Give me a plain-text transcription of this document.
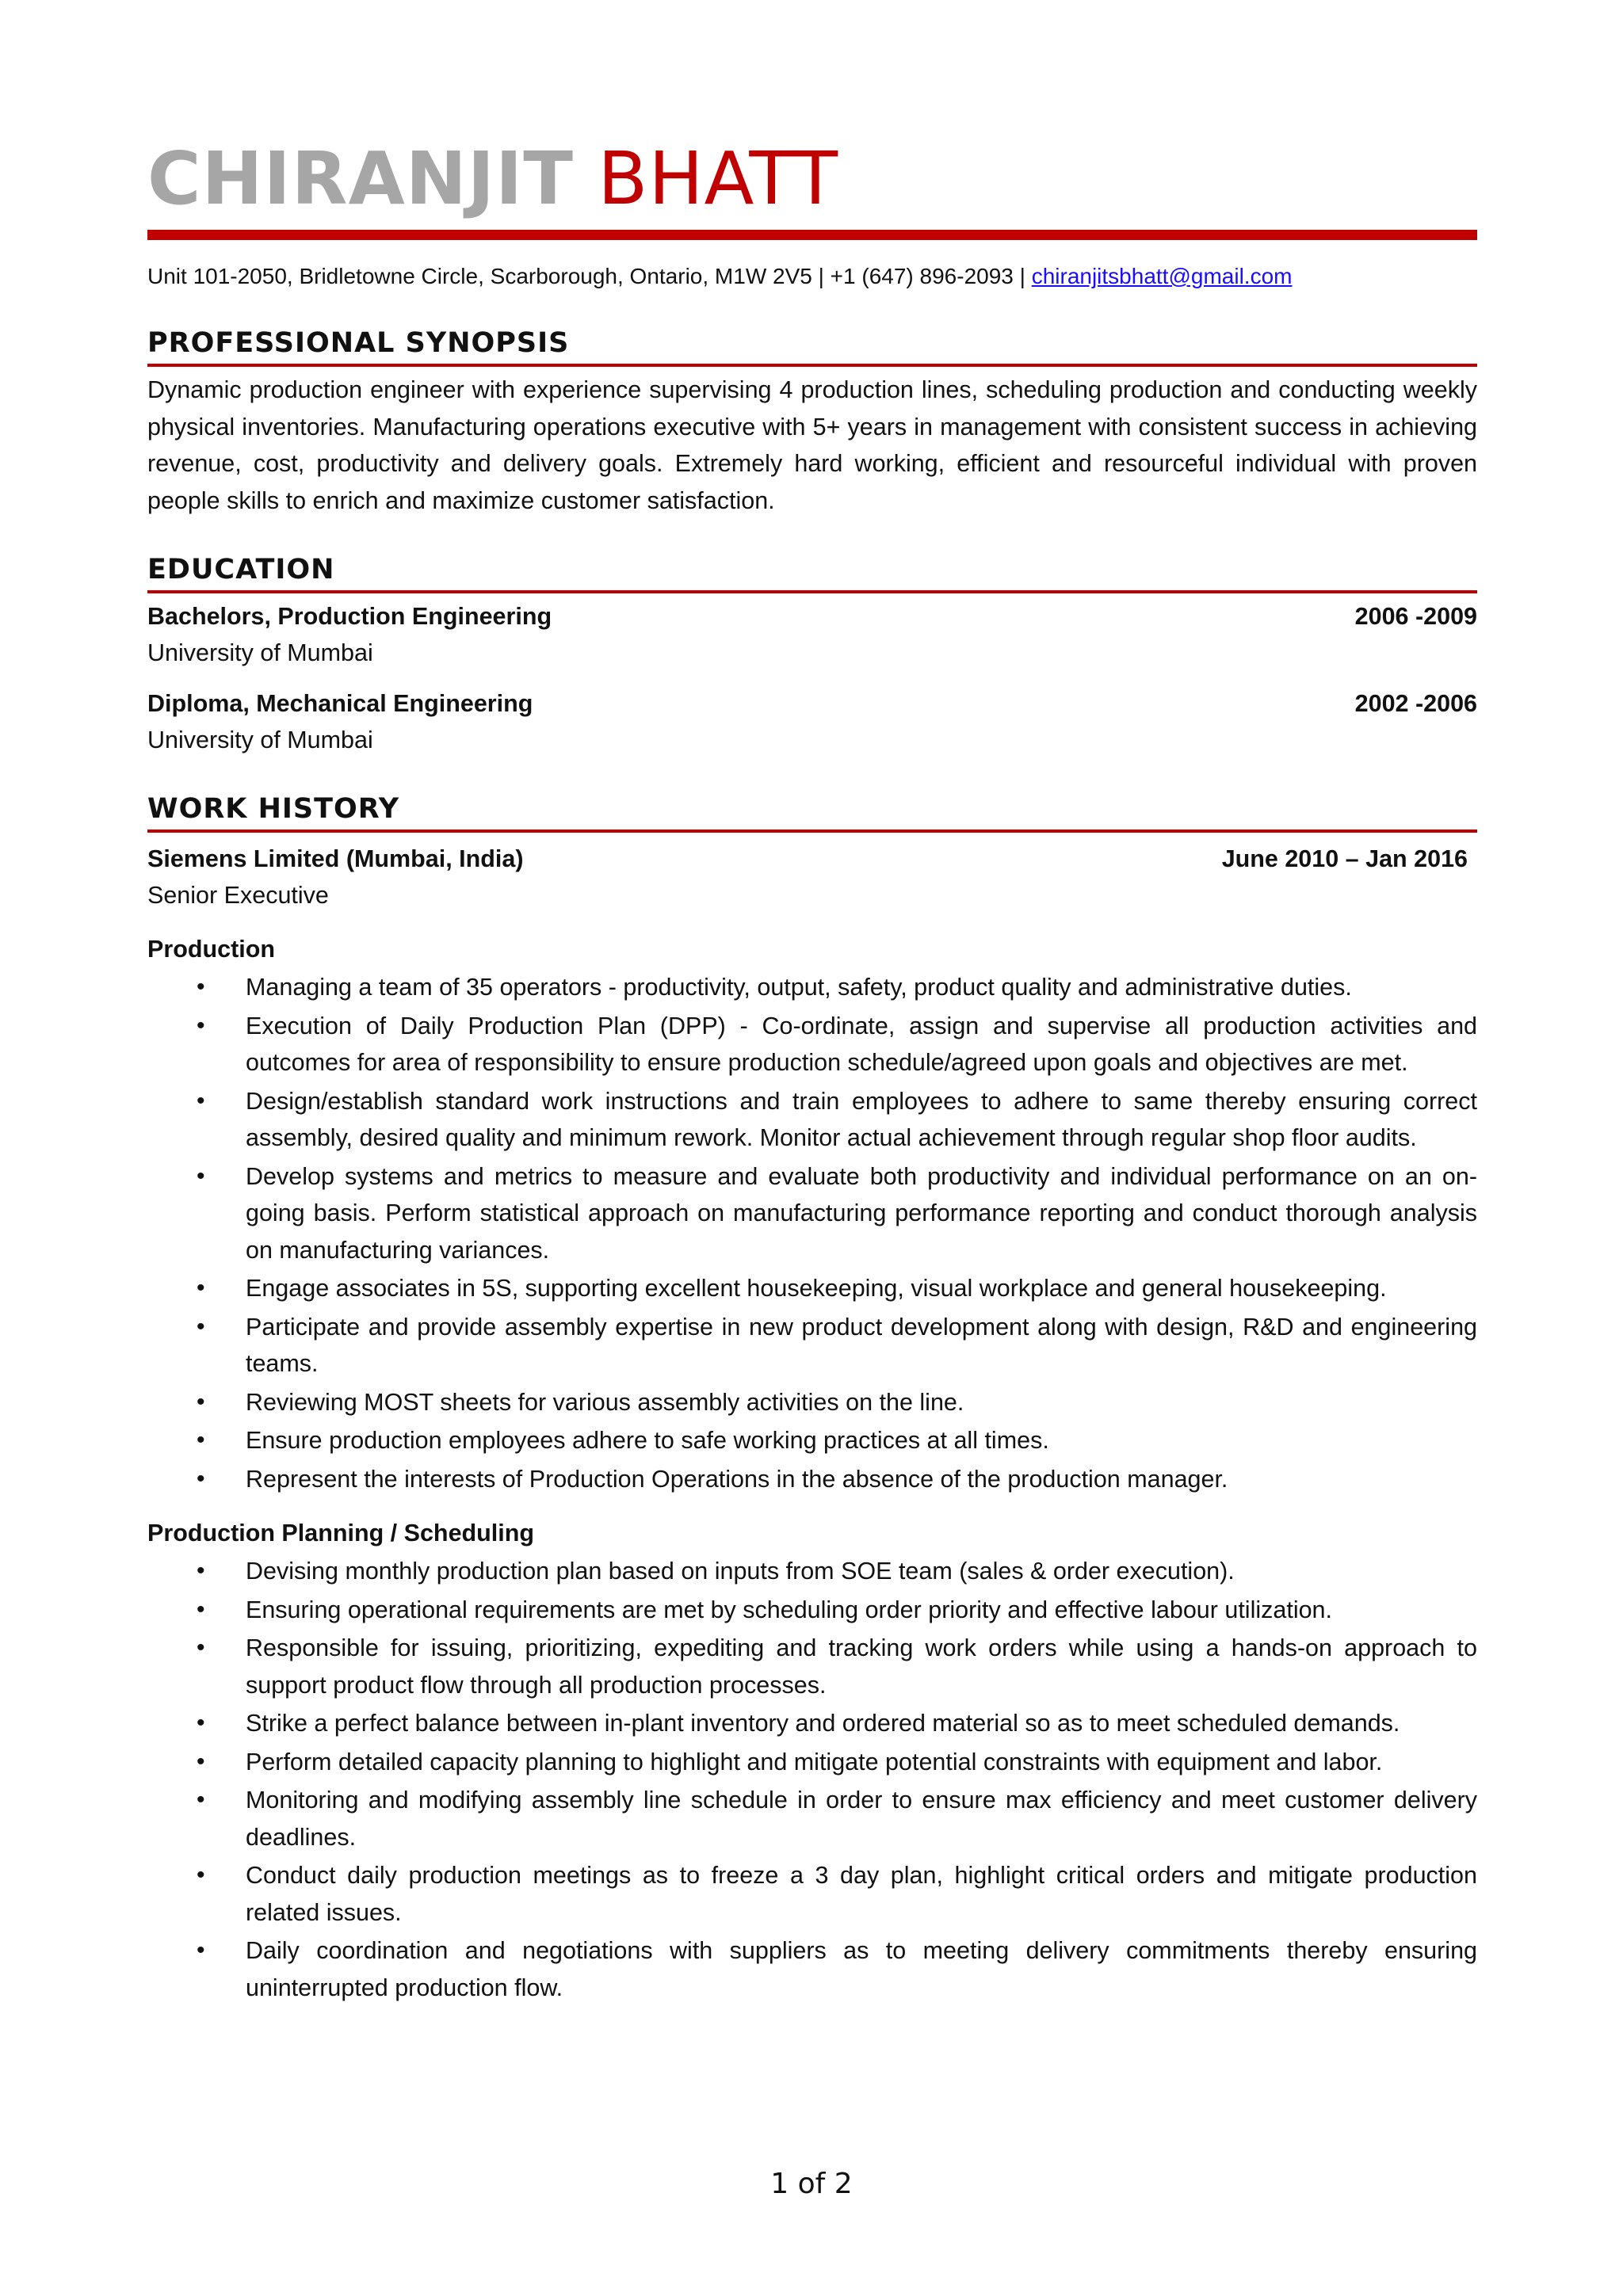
CHIRANJIT BHATT
Unit 101-2050, Bridletowne Circle, Scarborough, Ontario, M1W 2V5 | +1 (647) 896-2093 | chiranjitsbhatt@gmail.com
PROFESSIONAL SYNOPSIS
Dynamic production engineer with experience supervising 4 production lines, scheduling production and conducting weekly physical inventories. Manufacturing operations executive with 5+ years in management with consistent success in achieving revenue, cost, productivity and delivery goals. Extremely hard working, efficient and resourceful individual with proven people skills to enrich and maximize customer satisfaction.
EDUCATION
Bachelors, Production Engineering	2006 -2009
University of Mumbai
Diploma, Mechanical Engineering	2002 -2006
University of Mumbai
WORK HISTORY
Siemens Limited (Mumbai, India)	June 2010 – Jan 2016
Senior Executive
Production
• Managing a team of 35 operators - productivity, output, safety, product quality and administrative duties.
• Execution of Daily Production Plan (DPP) - Co-ordinate, assign and supervise all production activities and outcomes for area of responsibility to ensure production schedule/agreed upon goals and objectives are met.
• Design/establish standard work instructions and train employees to adhere to same thereby ensuring correct assembly, desired quality and minimum rework. Monitor actual achievement through regular shop floor audits.
• Develop systems and metrics to measure and evaluate both productivity and individual performance on an on-going basis. Perform statistical approach on manufacturing performance reporting and conduct thorough analysis on manufacturing variances.
• Engage associates in 5S, supporting excellent housekeeping, visual workplace and general housekeeping.
• Participate and provide assembly expertise in new product development along with design, R&D and engineering teams.
• Reviewing MOST sheets for various assembly activities on the line.
• Ensure production employees adhere to safe working practices at all times.
• Represent the interests of Production Operations in the absence of the production manager.
Production Planning / Scheduling
• Devising monthly production plan based on inputs from SOE team (sales & order execution).
• Ensuring operational requirements are met by scheduling order priority and effective labour utilization.
• Responsible for issuing, prioritizing, expediting and tracking work orders while using a hands-on approach to support product flow through all production processes.
• Strike a perfect balance between in-plant inventory and ordered material so as to meet scheduled demands.
• Perform detailed capacity planning to highlight and mitigate potential constraints with equipment and labor.
• Monitoring and modifying assembly line schedule in order to ensure max efficiency and meet customer delivery deadlines.
• Conduct daily production meetings as to freeze a 3 day plan, highlight critical orders and mitigate production related issues.
• Daily coordination and negotiations with suppliers as to meeting delivery commitments thereby ensuring uninterrupted production flow.
1 of 2
